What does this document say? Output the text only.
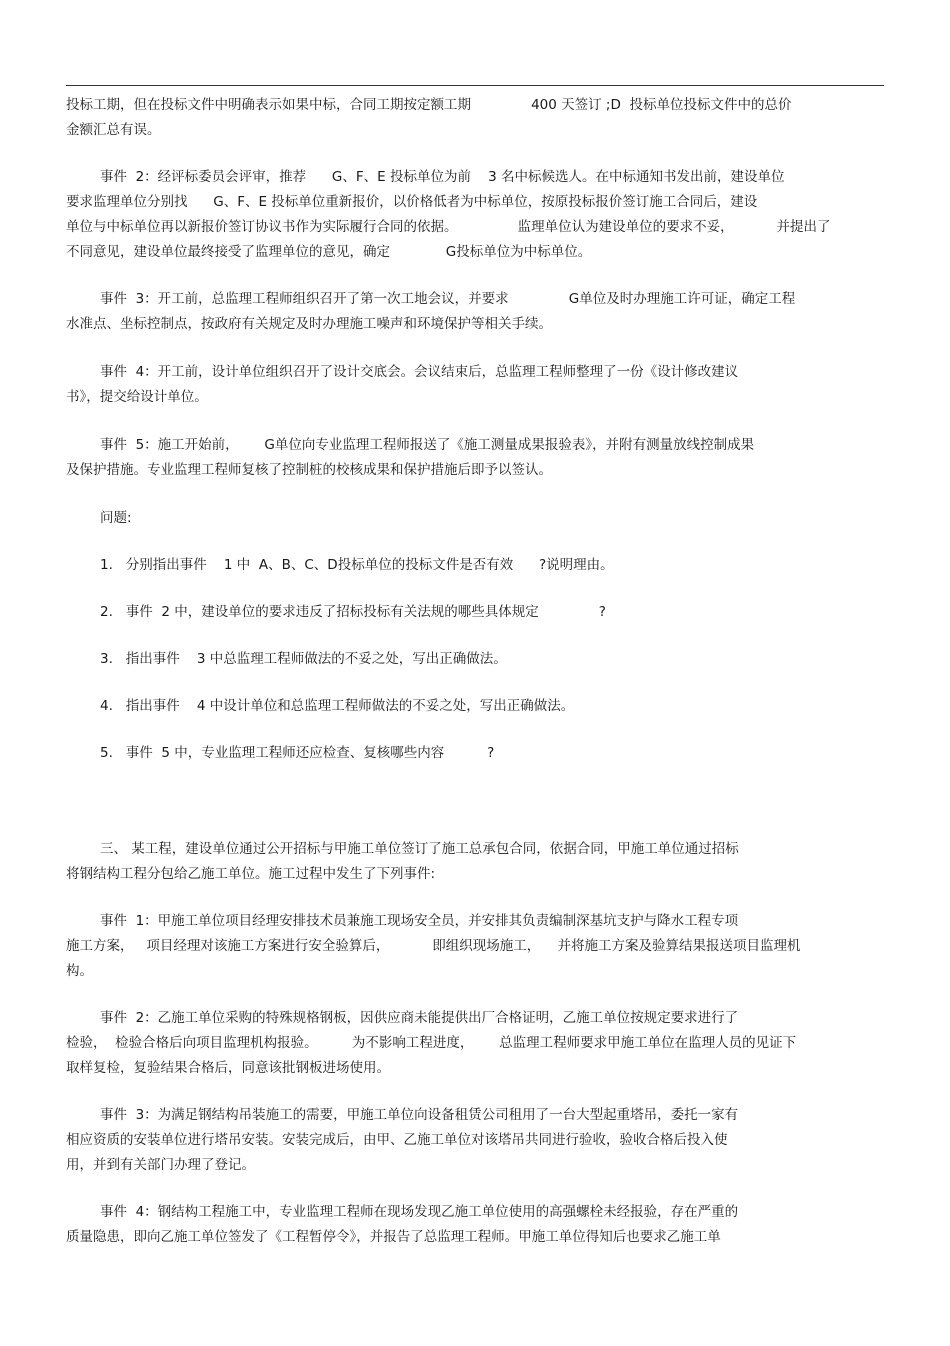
投标工期，但在投标文件中明确表示如果中标，合同工期按定额工期              400 天签订 ;D  投标单位投标文件中的总价
金额汇总有误。
事件  2：经评标委员会评审，推荐      G、F、E 投标单位为前    3 名中标候选人。在中标通知书发出前，建设单位
要求监理单位分别找      G、F、E 投标单位重新报价，以价格低者为中标单位，按原投标报价签订施工合同后，建设
单位与中标单位再以新报价签订协议书作为实际履行合同的依据。              监理单位认为建设单位的要求不妥，          并提出了
不同意见，建设单位最终接受了监理单位的意见，确定             G投标单位为中标单位。
事件  3：开工前，总监理工程师组织召开了第一次工地会议，并要求              G单位及时办理施工许可证，确定工程
水准点、坐标控制点，按政府有关规定及时办理施工噪声和环境保护等相关手续。
事件  4：开工前，设计单位组织召开了设计交底会。会议结束后，总监理工程师整理了一份《设计修改建议
书》，提交给设计单位。
事件  5：施工开始前，      G单位向专业监理工程师报送了《施工测量成果报验表》，并附有测量放线控制成果
及保护措施。专业监理工程师复核了控制桩的校核成果和保护措施后即予以签认。
问题:
1.   分别指出事件    1 中  A、B、C、D投标单位的投标文件是否有效      ?说明理由。
2.   事件  2 中，建设单位的要求违反了招标投标有关法规的哪些具体规定              ?
3.   指出事件    3 中总监理工程师做法的不妥之处，写出正确做法。
4.   指出事件    4 中设计单位和总监理工程师做法的不妥之处，写出正确做法。
5.   事件  5 中，专业监理工程师还应检查、复核哪些内容          ?
三、 某工程，建设单位通过公开招标与甲施工单位签订了施工总承包合同，依据合同，甲施工单位通过招标
将钢结构工程分包给乙施工单位。施工过程中发生了下列事件:
事件  1：甲施工单位项目经理安排技术员兼施工现场安全员，并安排其负责编制深基坑支护与降水工程专项
施工方案，   项目经理对该施工方案进行安全验算后，          即组织现场施工，    并将施工方案及验算结果报送项目监理机
构。
事件  2：乙施工单位采购的特殊规格钢板，因供应商未能提供出厂合格证明，乙施工单位按规定要求进行了
检验，  检验合格后向项目监理机构报验。        为不影响工程进度，      总监理工程师要求甲施工单位在监理人员的见证下
取样复检，复验结果合格后，同意该批钢板进场使用。
事件  3：为满足钢结构吊装施工的需要，甲施工单位向设备租赁公司租用了一台大型起重塔吊，委托一家有
相应资质的安装单位进行塔吊安装。安装完成后，由甲、乙施工单位对该塔吊共同进行验收，验收合格后投入使
用，并到有关部门办理了登记。
事件  4：钢结构工程施工中，专业监理工程师在现场发现乙施工单位使用的高强螺栓未经报验，存在严重的
质量隐患，即向乙施工单位签发了《工程暂停令》，并报告了总监理工程师。甲施工单位得知后也要求乙施工单
